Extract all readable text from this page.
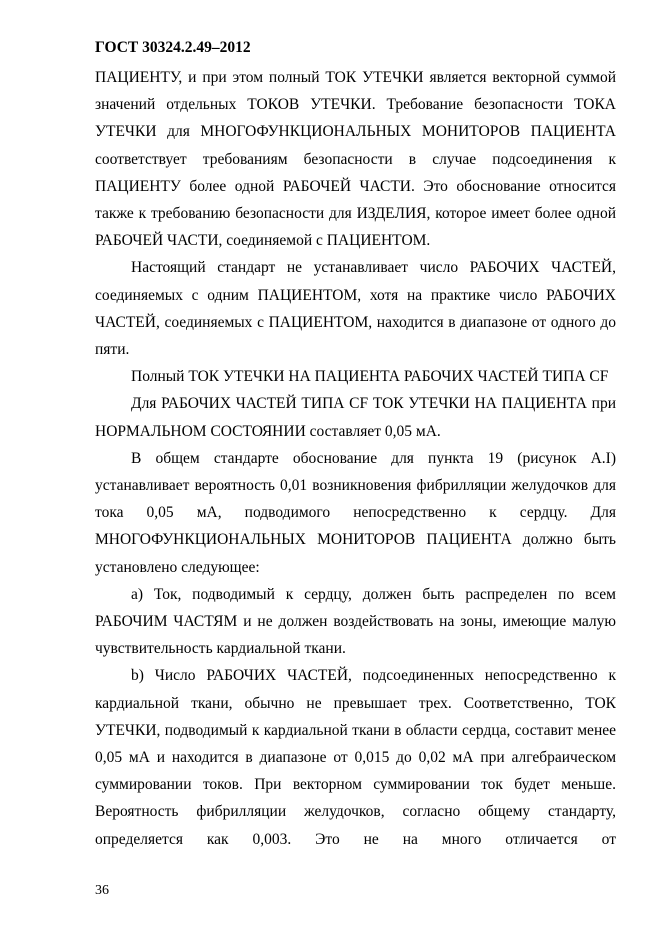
ГОСТ 30324.2.49–2012

ПАЦИЕНТУ, и при этом полный ТОК УТЕЧКИ является векторной суммой значений отдельных ТОКОВ УТЕЧКИ. Требование безопасности ТОКА УТЕЧКИ для МНОГОФУНКЦИОНАЛЬНЫХ МОНИТОРОВ ПАЦИЕНТА соответствует требованиям безопасности в случае подсоединения к ПАЦИЕНТУ более одной РАБОЧЕЙ ЧАСТИ. Это обоснование относится также к требованию безопасности для ИЗДЕЛИЯ, которое имеет более одной РАБОЧЕЙ ЧАСТИ, соединяемой с ПАЦИЕНТОМ.

Настоящий стандарт не устанавливает число РАБОЧИХ ЧАСТЕЙ, соединяемых с одним ПАЦИЕНТОМ, хотя на практике число РАБОЧИХ ЧАСТЕЙ, соединяемых с ПАЦИЕНТОМ, находится в диапазоне от одного до пяти.

Полный ТОК УТЕЧКИ НА ПАЦИЕНТА РАБОЧИХ ЧАСТЕЙ ТИПА CF

Для РАБОЧИХ ЧАСТЕЙ ТИПА CF ТОК УТЕЧКИ НА ПАЦИЕНТА при НОРМАЛЬНОМ СОСТОЯНИИ составляет 0,05 мА.

В общем стандарте обоснование для пункта 19 (рисунок А.I) устанавливает вероятность 0,01 возникновения фибрилляции желудочков для тока 0,05 мА, подводимого непосредственно к сердцу. Для МНОГОФУНКЦИОНАЛЬНЫХ МОНИТОРОВ ПАЦИЕНТА должно быть установлено следующее:

а) Ток, подводимый к сердцу, должен быть распределен по всем РАБОЧИМ ЧАСТЯМ и не должен воздействовать на зоны, имеющие малую чувствительность кардиальной ткани.

b) Число РАБОЧИХ ЧАСТЕЙ, подсоединенных непосредственно к кардиальной ткани, обычно не превышает трех. Соответственно, ТОК УТЕЧКИ, подводимый к кардиальной ткани в области сердца, составит менее 0,05 мА и находится в диапазоне от 0,015 до 0,02 мА при алгебраическом суммировании токов. При векторном суммировании ток будет меньше. Вероятность фибрилляции желудочков, согласно общему стандарту, определяется как 0,003. Это не на много отличается от

36
